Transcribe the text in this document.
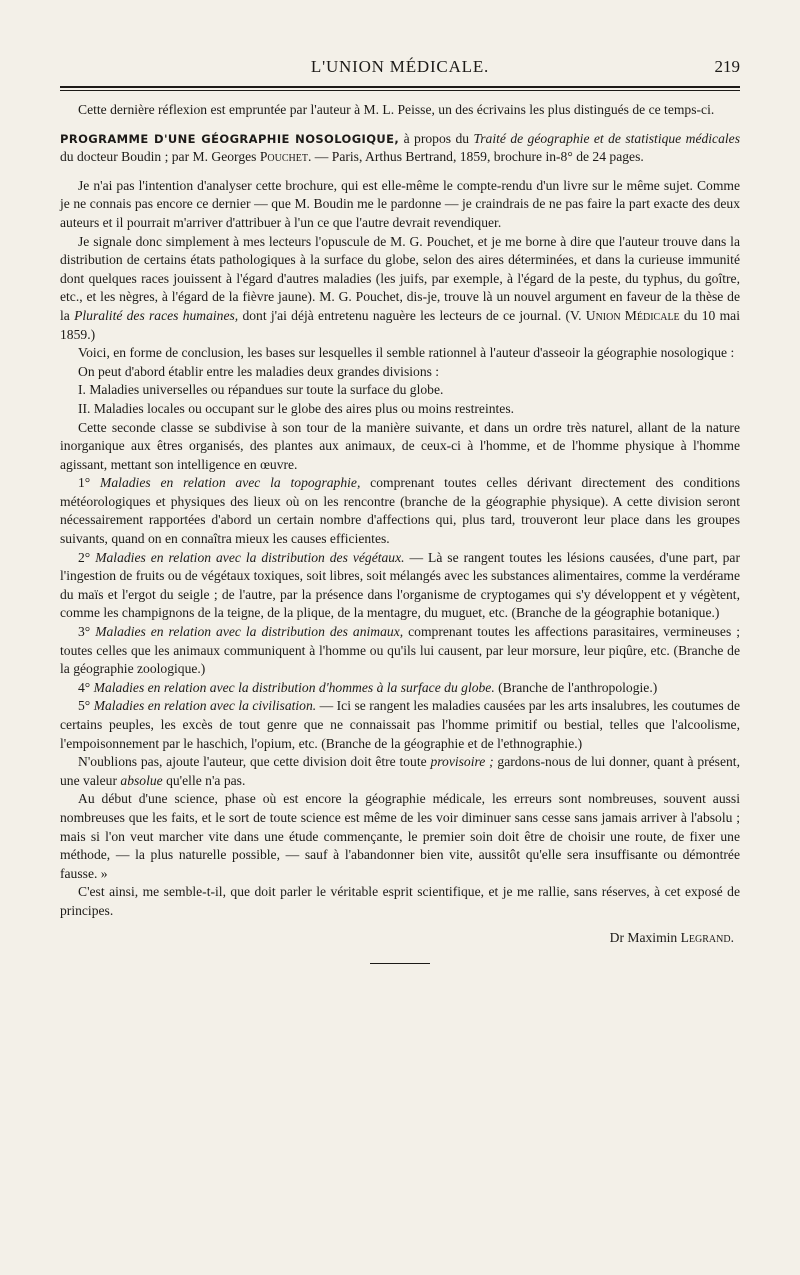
L'UNION MÉDICALE.	219

Cette dernière réflexion est empruntée par l'auteur à M. L. Peisse, un des écrivains les plus distingués de ce temps-ci.

PROGRAMME D'UNE GÉOGRAPHIE NOSOLOGIQUE, à propos du Traité de géographie et de statistique médicales du docteur Boudin ; par M. Georges Pouchet. — Paris, Arthus Bertrand, 1859, brochure in-8° de 24 pages.

Je n'ai pas l'intention d'analyser cette brochure, qui est elle-même le compte-rendu d'un livre sur le même sujet. Comme je ne connais pas encore ce dernier — que M. Boudin me le pardonne — je craindrais de ne pas faire la part exacte des deux auteurs et il pourrait m'arriver d'attribuer à l'un ce que l'autre devrait revendiquer.

Je signale donc simplement à mes lecteurs l'opuscule de M. G. Pouchet, et je me borne à dire que l'auteur trouve dans la distribution de certains états pathologiques à la surface du globe, selon des aires déterminées, et dans la curieuse immunité dont quelques races jouissent à l'égard d'autres maladies (les juifs, par exemple, à l'égard de la peste, du typhus, du goître, etc., et les nègres, à l'égard de la fièvre jaune). M. G. Pouchet, dis-je, trouve là un nouvel argument en faveur de la thèse de la Pluralité des races humaines, dont j'ai déjà entretenu naguère les lecteurs de ce journal. (V. Union Médicale du 10 mai 1859.)

Voici, en forme de conclusion, les bases sur lesquelles il semble rationnel à l'auteur d'asseoir la géographie nosologique :

On peut d'abord établir entre les maladies deux grandes divisions :

I. Maladies universelles ou répandues sur toute la surface du globe.

II. Maladies locales ou occupant sur le globe des aires plus ou moins restreintes.

Cette seconde classe se subdivise à son tour de la manière suivante, et dans un ordre très naturel, allant de la nature inorganique aux êtres organisés, des plantes aux animaux, de ceux-ci à l'homme, et de l'homme physique à l'homme agissant, mettant son intelligence en œuvre.

1° Maladies en relation avec la topographie, comprenant toutes celles dérivant directement des conditions météorologiques et physiques des lieux où on les rencontre (branche de la géographie physique). A cette division seront nécessairement rapportées d'abord un certain nombre d'affections qui, plus tard, trouveront leur place dans les groupes suivants, quand on en connaîtra mieux les causes efficientes.

2° Maladies en relation avec la distribution des végétaux. — Là se rangent toutes les lésions causées, d'une part, par l'ingestion de fruits ou de végétaux toxiques, soit libres, soit mélangés avec les substances alimentaires, comme la verdérame du maïs et l'ergot du seigle ; de l'autre, par la présence dans l'organisme de cryptogames qui s'y développent et y végètent, comme les champignons de la teigne, de la plique, de la mentagre, du muguet, etc. (Branche de la géographie botanique.)

3° Maladies en relation avec la distribution des animaux, comprenant toutes les affections parasitaires, vermineuses ; toutes celles que les animaux communiquent à l'homme ou qu'ils lui causent, par leur morsure, leur piqûre, etc. (Branche de la géographie zoologique.)

4° Maladies en relation avec la distribution d'hommes à la surface du globe. (Branche de l'anthropologie.)

5° Maladies en relation avec la civilisation. — Ici se rangent les maladies causées par les arts insalubres, les coutumes de certains peuples, les excès de tout genre que ne connaissait pas l'homme primitif ou bestial, telles que l'alcoolisme, l'empoisonnement par le haschich, l'opium, etc. (Branche de la géographie et de l'ethnographie.)

N'oublions pas, ajoute l'auteur, que cette division doit être toute provisoire ; gardons-nous de lui donner, quant à présent, une valeur absolue qu'elle n'a pas.

Au début d'une science, phase où est encore la géographie médicale, les erreurs sont nombreuses, souvent aussi nombreuses que les faits, et le sort de toute science est même de les voir diminuer sans cesse sans jamais arriver à l'absolu ; mais si l'on veut marcher vite dans une étude commençante, le premier soin doit être de choisir une route, de fixer une méthode, — la plus naturelle possible, — sauf à l'abandonner bien vite, aussitôt qu'elle sera insuffisante ou démontrée fausse. »

C'est ainsi, me semble-t-il, que doit parler le véritable esprit scientifique, et je me rallie, sans réserves, à cet exposé de principes.

Dr Maximin Legrand.
